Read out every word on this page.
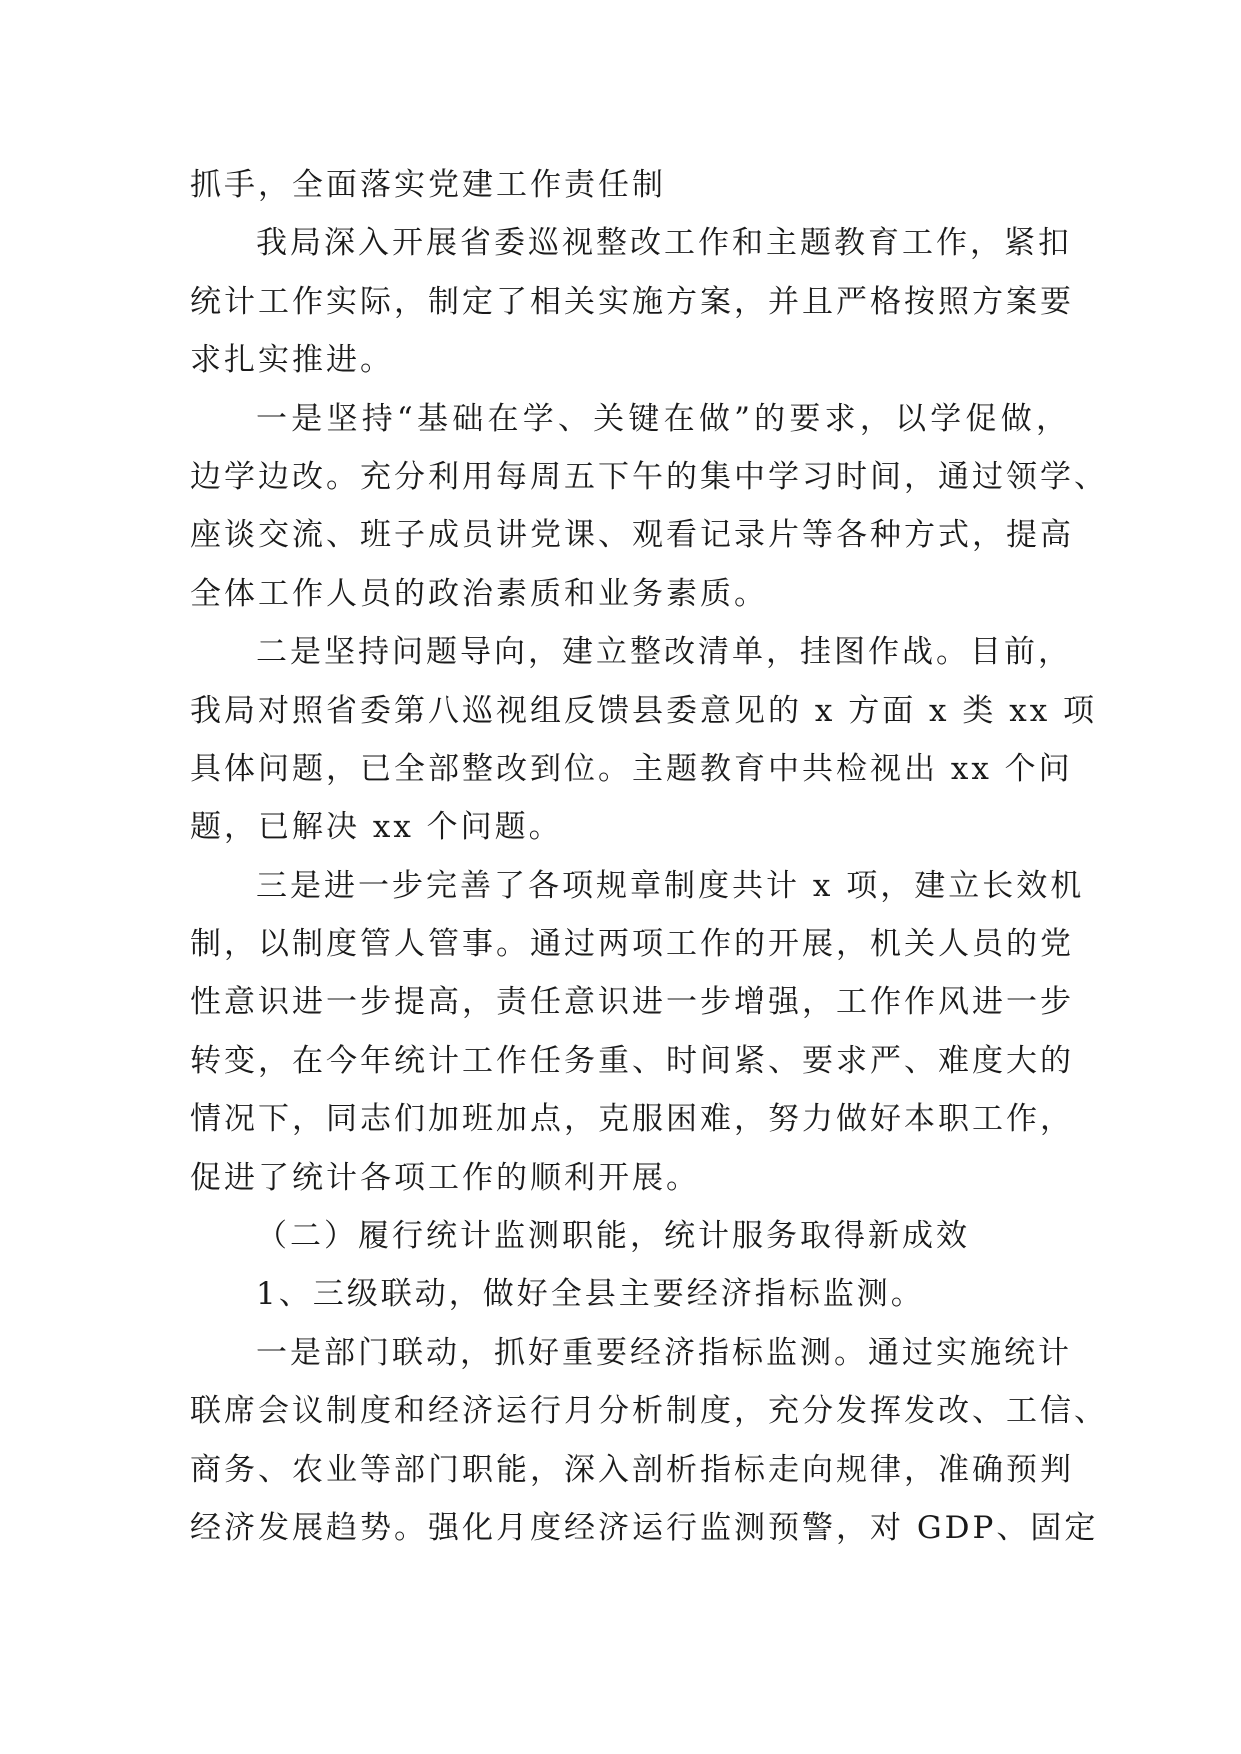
抓手，全面落实党建工作责任制
我局深入开展省委巡视整改工作和主题教育工作，紧扣
统计工作实际，制定了相关实施方案，并且严格按照方案要
求扎实推进。
一是坚持“基础在学、关键在做”的要求，以学促做，
边学边改。充分利用每周五下午的集中学习时间，通过领学、
座谈交流、班子成员讲党课、观看记录片等各种方式，提高
全体工作人员的政治素质和业务素质。
二是坚持问题导向，建立整改清单，挂图作战。目前，
我局对照省委第八巡视组反馈县委意见的 x 方面 x 类 xx 项
具体问题，已全部整改到位。主题教育中共检视出 xx 个问
题，已解决 xx 个问题。
三是进一步完善了各项规章制度共计 x 项，建立长效机
制，以制度管人管事。通过两项工作的开展，机关人员的党
性意识进一步提高，责任意识进一步增强，工作作风进一步
转变，在今年统计工作任务重、时间紧、要求严、难度大的
情况下，同志们加班加点，克服困难，努力做好本职工作，
促进了统计各项工作的顺利开展。
（二）履行统计监测职能，统计服务取得新成效
1、三级联动，做好全县主要经济指标监测。
一是部门联动，抓好重要经济指标监测。通过实施统计
联席会议制度和经济运行月分析制度，充分发挥发改、工信、
商务、农业等部门职能，深入剖析指标走向规律，准确预判
经济发展趋势。强化月度经济运行监测预警，对 GDP、固定
